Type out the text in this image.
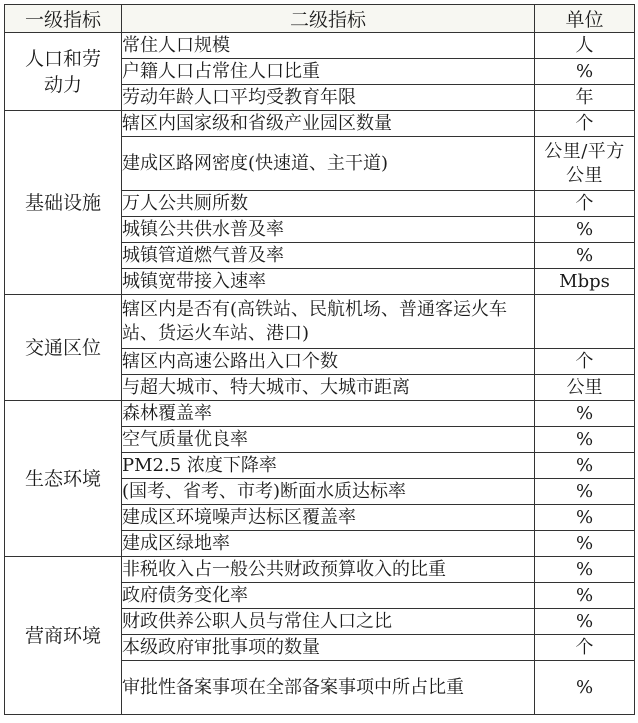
一级指标	二级指标	单位
人口和劳动力	常住人口规模	人
	户籍人口占常住人口比重	%
	劳动年龄人口平均受教育年限	年
基础设施	辖区内国家级和省级产业园区数量	个
	建成区路网密度(快速道、主干道)	公里/平方公里
	万人公共厕所数	个
	城镇公共供水普及率	%
	城镇管道燃气普及率	%
	城镇宽带接入速率	Mbps
交通区位	辖区内是否有(高铁站、民航机场、普通客运火车站、货运火车站、港口)	
	辖区内高速公路出入口个数	个
	与超大城市、特大城市、大城市距离	公里
生态环境	森林覆盖率	%
	空气质量优良率	%
	PM2.5 浓度下降率	%
	(国考、省考、市考)断面水质达标率	%
	建成区环境噪声达标区覆盖率	%
	建成区绿地率	%
营商环境	非税收入占一般公共财政预算收入的比重	%
	政府债务变化率	%
	财政供养公职人员与常住人口之比	%
	本级政府审批事项的数量	个
	审批性备案事项在全部备案事项中所占比重	%
